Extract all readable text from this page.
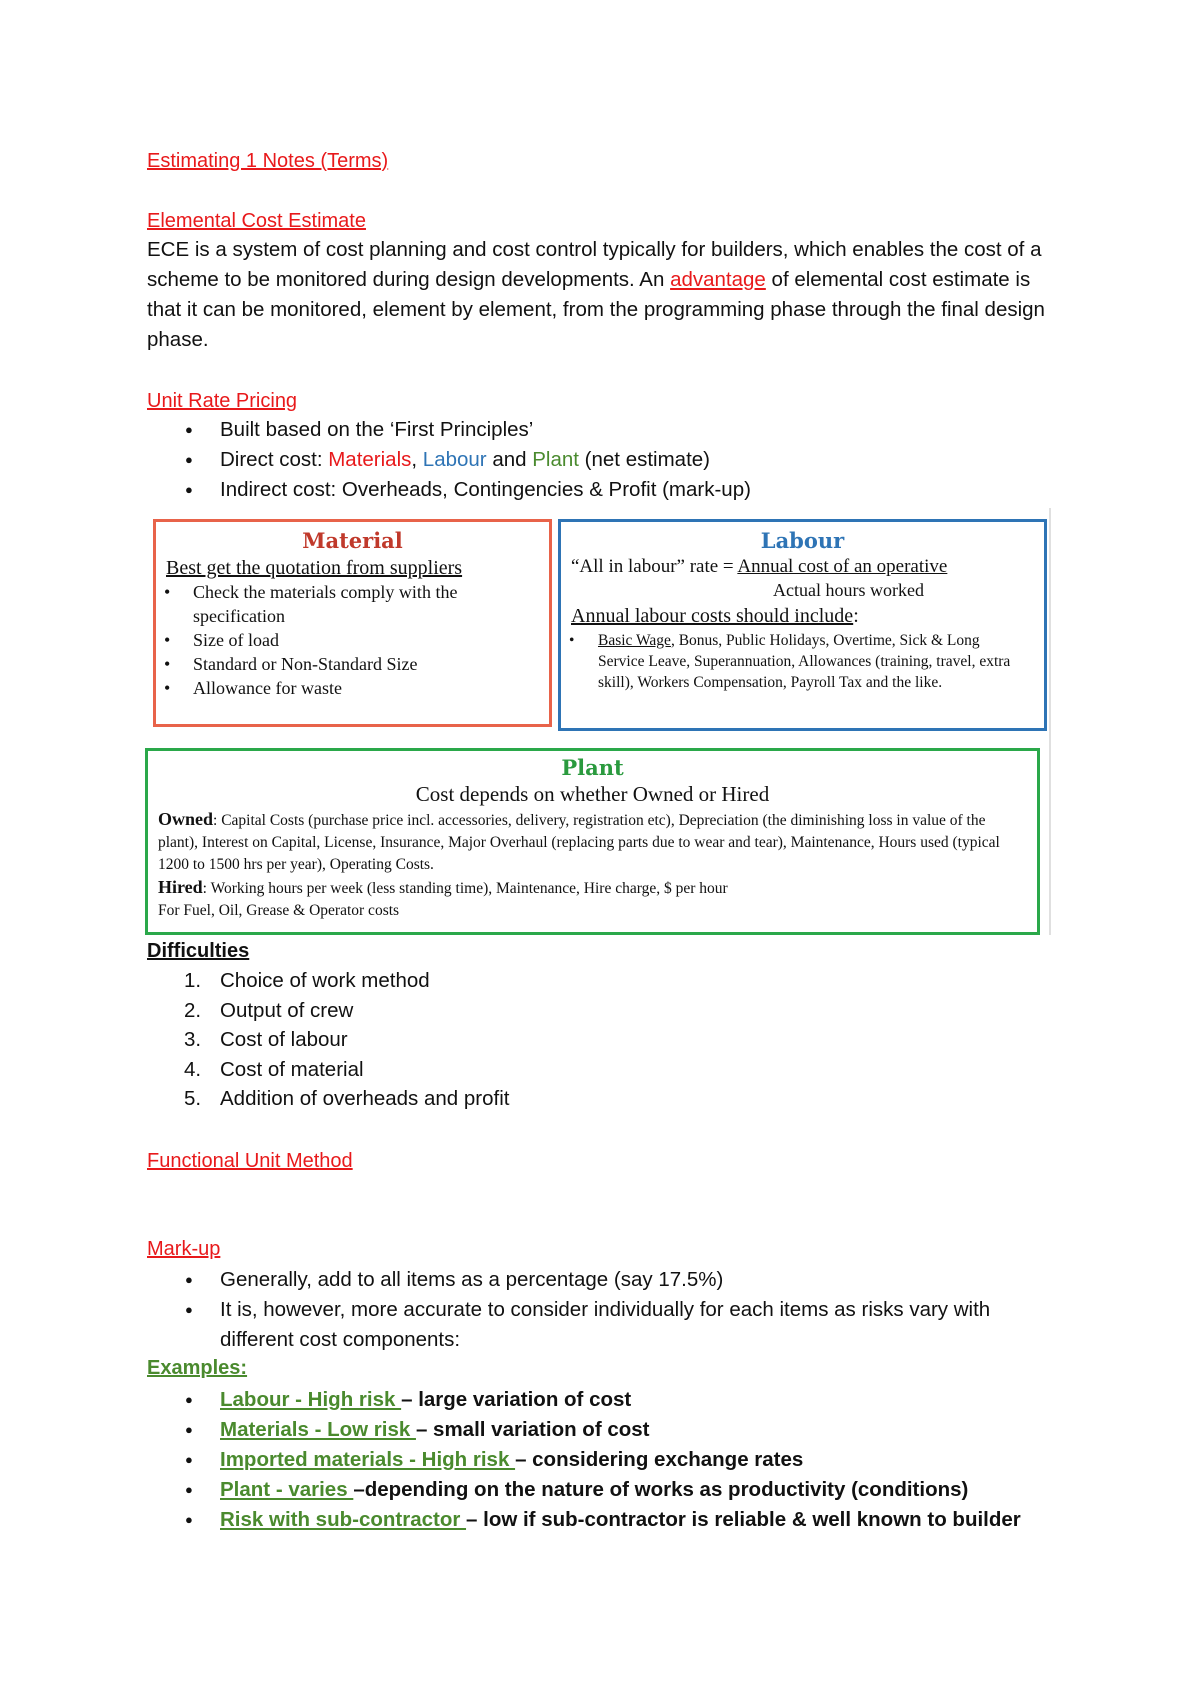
Estimating 1 Notes (Terms)
Elemental Cost Estimate
ECE is a system of cost planning and cost control typically for builders, which enables the cost of a scheme to be monitored during design developments. An advantage of elemental cost estimate is that it can be monitored, element by element, from the programming phase through the final design phase.
Unit Rate Pricing
● Built based on the ‘First Principles’
● Direct cost: Materials, Labour and Plant (net estimate)
● Indirect cost: Overheads, Contingencies & Profit (mark-up)
Material
Best get the quotation from suppliers
• Check the materials comply with the specification
• Size of load
• Standard or Non-Standard Size
• Allowance for waste
Labour
“All in labour” rate = Annual cost of an operative
Actual hours worked
Annual labour costs should include:
• Basic Wage, Bonus, Public Holidays, Overtime, Sick & Long Service Leave, Superannuation, Allowances (training, travel, extra skill), Workers Compensation, Payroll Tax and the like.
Plant
Cost depends on whether Owned or Hired
Owned: Capital Costs (purchase price incl. accessories, delivery, registration etc), Depreciation (the diminishing loss in value of the plant), Interest on Capital, License, Insurance, Major Overhaul (replacing parts due to wear and tear), Maintenance, Hours used (typical 1200 to 1500 hrs per year), Operating Costs.
Hired: Working hours per week (less standing time), Maintenance, Hire charge, $ per hour
For Fuel, Oil, Grease & Operator costs
Difficulties
1. Choice of work method
2. Output of crew
3. Cost of labour
4. Cost of material
5. Addition of overheads and profit
Functional Unit Method
Mark-up
● Generally, add to all items as a percentage (say 17.5%)
● It is, however, more accurate to consider individually for each items as risks vary with different cost components:
Examples:
● Labour - High risk – large variation of cost
● Materials - Low risk – small variation of cost
● Imported materials - High risk – considering exchange rates
● Plant - varies –depending on the nature of works as productivity (conditions)
● Risk with sub-contractor – low if sub-contractor is reliable & well known to builder
